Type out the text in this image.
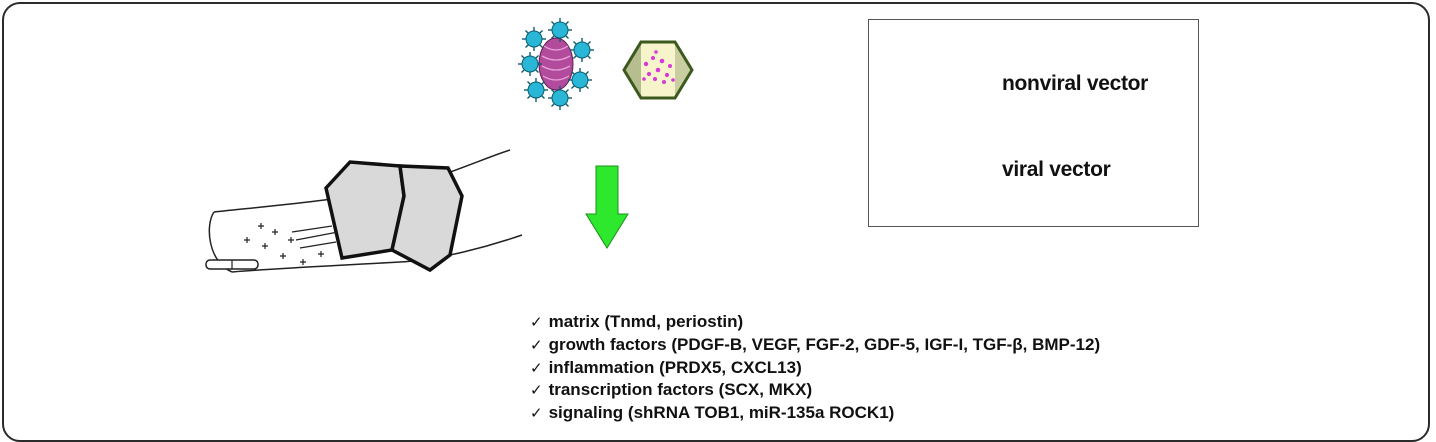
nonviral vector
viral vector
✓ matrix (Tnmd, periostin)
✓ growth factors (PDGF-B, VEGF, FGF-2, GDF-5, IGF-I, TGF-β, BMP-12)
✓ inflammation (PRDX5, CXCL13)
✓ transcription factors (SCX, MKX)
✓ signaling (shRNA TOB1, miR-135a ROCK1)
